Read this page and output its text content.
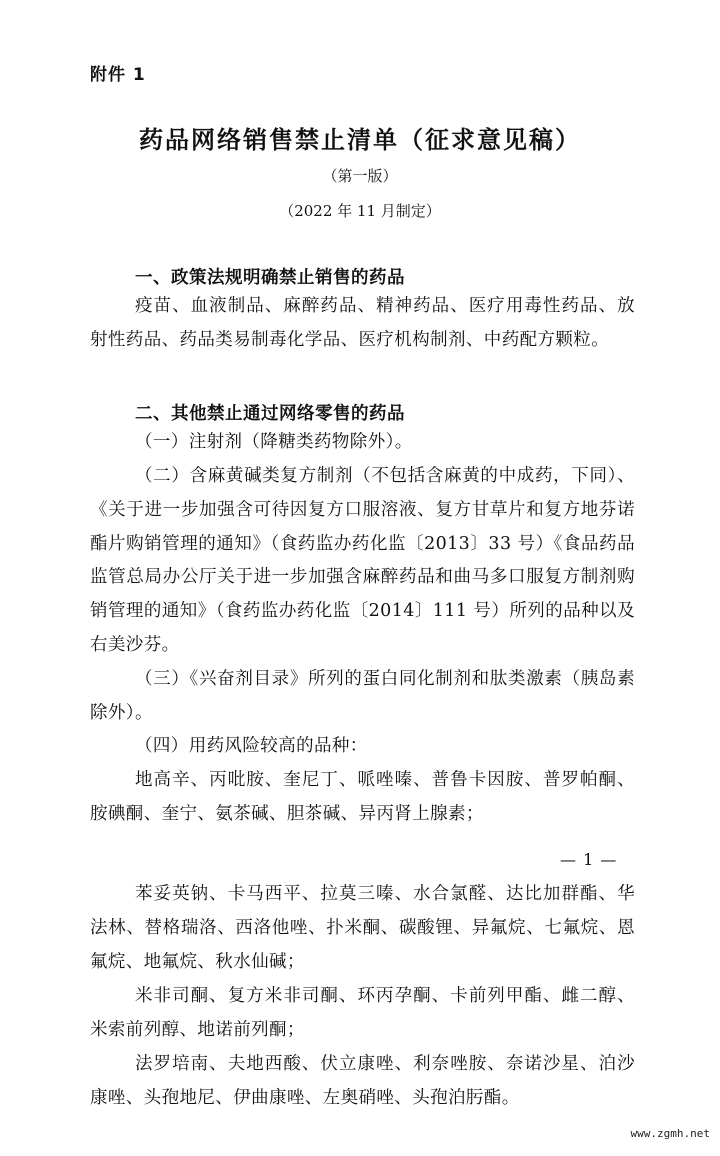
附件 1
药品网络销售禁止清单（征求意见稿）
（第一版）
（2022 年 11 月制定）
一、政策法规明确禁止销售的药品
疫苗、血液制品、麻醉药品、精神药品、医疗用毒性药品、放射性药品、药品类易制毒化学品、医疗机构制剂、中药配方颗粒。
二、其他禁止通过网络零售的药品
（一）注射剂（降糖类药物除外）。
（二）含麻黄碱类复方制剂（不包括含麻黄的中成药，下同）、《关于进一步加强含可待因复方口服溶液、复方甘草片和复方地芬诺酯片购销管理的通知》（食药监办药化监〔2013〕33 号）《食品药品监管总局办公厅关于进一步加强含麻醉药品和曲马多口服复方制剂购销管理的通知》（食药监办药化监〔2014〕111 号）所列的品种以及右美沙芬。
（三）《兴奋剂目录》所列的蛋白同化制剂和肽类激素（胰岛素除外）。
（四）用药风险较高的品种：
地高辛、丙吡胺、奎尼丁、哌唑嗪、普鲁卡因胺、普罗帕酮、胺碘酮、奎宁、氨茶碱、胆茶碱、异丙肾上腺素；
— 1 —
苯妥英钠、卡马西平、拉莫三嗪、水合氯醛、达比加群酯、华法林、替格瑞洛、西洛他唑、扑米酮、碳酸锂、异氟烷、七氟烷、恩氟烷、地氟烷、秋水仙碱；
米非司酮、复方米非司酮、环丙孕酮、卡前列甲酯、雌二醇、米索前列醇、地诺前列酮；
法罗培南、夫地西酸、伏立康唑、利奈唑胺、奈诺沙星、泊沙康唑、头孢地尼、伊曲康唑、左奥硝唑、头孢泊肟酯。
www.zgmh.net
